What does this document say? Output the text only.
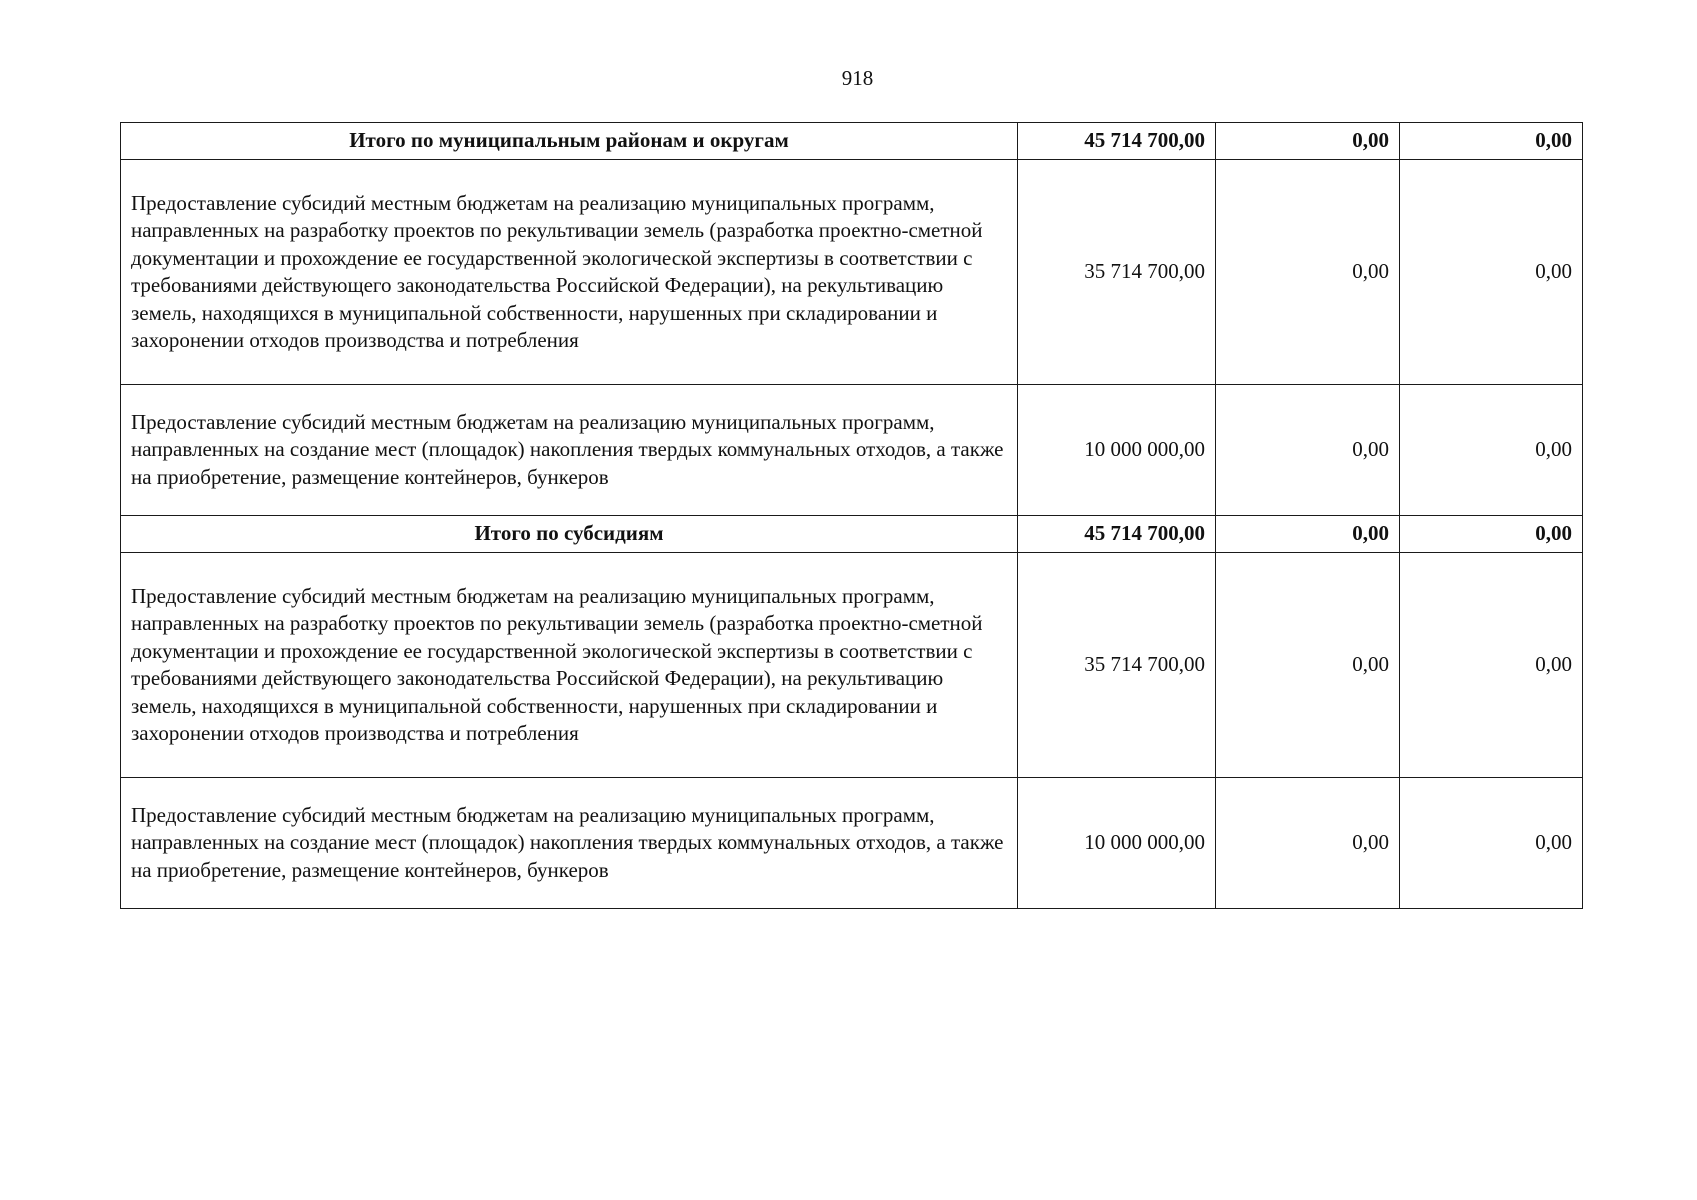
918
Итого по муниципальным районам и округам	45 714 700,00	0,00	0,00
Предоставление субсидий местным бюджетам на реализацию муниципальных программ, направленных на разработку проектов по рекультивации земель (разработка проектно-сметной документации и прохождение ее государственной экологической экспертизы в соответствии с требованиями действующего законодательства Российской Федерации), на рекультивацию земель, находящихся в муниципальной собственности, нарушенных при складировании и захоронении отходов производства и потребления	35 714 700,00	0,00	0,00
Предоставление субсидий местным бюджетам на реализацию муниципальных программ, направленных на создание мест (площадок) накопления твердых коммунальных отходов, а также на приобретение, размещение контейнеров, бункеров	10 000 000,00	0,00	0,00
Итого по субсидиям	45 714 700,00	0,00	0,00
Предоставление субсидий местным бюджетам на реализацию муниципальных программ, направленных на разработку проектов по рекультивации земель (разработка проектно-сметной документации и прохождение ее государственной экологической экспертизы в соответствии с требованиями действующего законодательства Российской Федерации), на рекультивацию земель, находящихся в муниципальной собственности, нарушенных при складировании и захоронении отходов производства и потребления	35 714 700,00	0,00	0,00
Предоставление субсидий местным бюджетам на реализацию муниципальных программ, направленных на создание мест (площадок) накопления твердых коммунальных отходов, а также на приобретение, размещение контейнеров, бункеров	10 000 000,00	0,00	0,00
